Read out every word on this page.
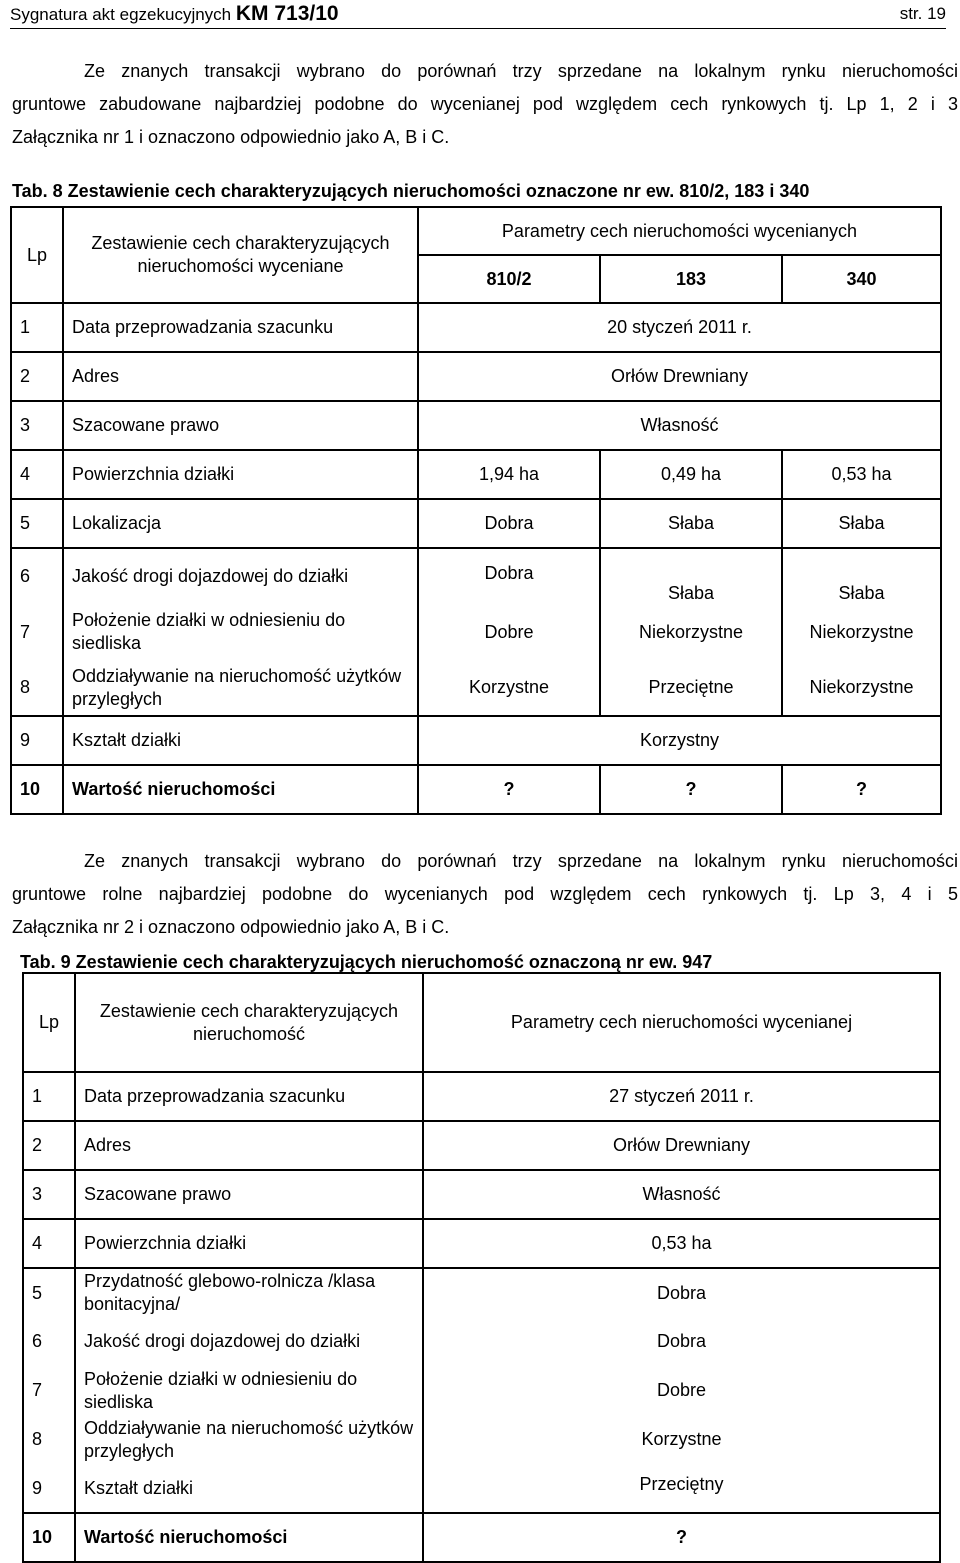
Sygnatura akt egzekucyjnych KM 713/10	str. 19
Ze znanych transakcji wybrano do porównań trzy sprzedane na lokalnym rynku nieruchomości
gruntowe zabudowane najbardziej podobne do wycenianej pod względem cech rynkowych tj. Lp 1, 2 i 3
Załącznika nr 1 i oznaczono odpowiednio jako A, B i C.
Tab. 8 Zestawienie cech charakteryzujących nieruchomości oznaczone nr ew. 810/2, 183 i 340
Lp	Zestawienie cech charakteryzujących nieruchomości wyceniane	Parametry cech nieruchomości wycenianych		
		810/2	183	340
1	Data przeprowadzania szacunku	20 styczeń 2011 r.		
2	Adres	Orłów Drewniany		
3	Szacowane prawo	Własność		
4	Powierzchnia działki	1,94 ha	0,49 ha	0,53 ha
5	Lokalizacja	Dobra	Słaba	Słaba
6	Jakość drogi dojazdowej do działki	Dobra	Słaba	Słaba
7	Położenie działki w odniesieniu do siedliska	Dobre	Niekorzystne	Niekorzystne
8	Oddziaływanie na nieruchomość użytków przyległych	Korzystne	Przeciętne	Niekorzystne
9	Kształt działki	Korzystny		
10	Wartość nieruchomości	?	?	?
Ze znanych transakcji wybrano do porównań trzy sprzedane na lokalnym rynku nieruchomości
gruntowe rolne najbardziej podobne do wycenianych pod względem cech rynkowych tj. Lp 3, 4 i 5
Załącznika nr 2 i oznaczono odpowiednio jako A, B i C.
Tab. 9 Zestawienie cech charakteryzujących nieruchomość oznaczoną nr ew. 947
Lp	Zestawienie cech charakteryzujących nieruchomość	Parametry cech nieruchomości wycenianej
1	Data przeprowadzania szacunku	27 styczeń 2011 r.
2	Adres	Orłów Drewniany
3	Szacowane prawo	Własność
4	Powierzchnia działki	0,53 ha
5	Przydatność glebowo-rolnicza /klasa bonitacyjna/	Dobra
6	Jakość drogi dojazdowej do działki	Dobra
7	Położenie działki w odniesieniu do siedliska	Dobre
8	Oddziaływanie na nieruchomość użytków przyległych	Korzystne
9	Kształt działki	Przeciętny
10	Wartość nieruchomości	?
